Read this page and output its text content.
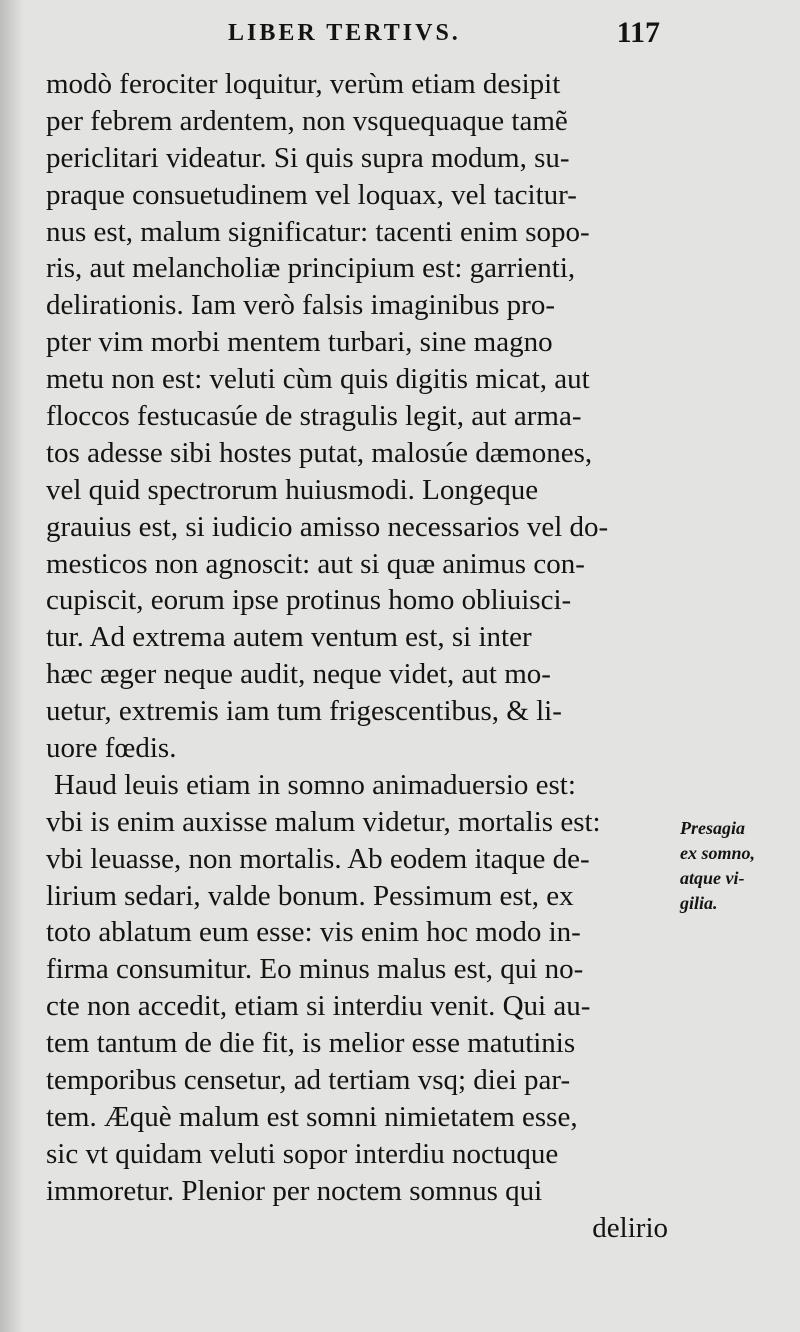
LIBER TERTIVS.	117
modò ferociter loquitur, verùm etiam desipit
per febrem ardentem, non vsquequaque tamẽ
periclitari videatur. Si quis supra modum, su-
praque consuetudinem vel loquax, vel tacitur-
nus est, malum significatur: tacenti enim sopo-
ris, aut melancholiæ principium est: garrienti,
delirationis. Iam verò falsis imaginibus pro-
pter vim morbi mentem turbari, sine magno
metu non est: veluti cùm quis digitis micat, aut
floccos festucasúe de stragulis legit, aut arma-
tos adesse sibi hostes putat, malosúe dæmones,
vel quid spectrorum huiusmodi. Longeque
grauius est, si iudicio amisso necessarios vel do-
mesticos non agnoscit: aut si quæ animus con-
cupiscit, eorum ipse protinus homo obliuisci-
tur. Ad extrema autem ventum est, si inter
hæc æger neque audit, neque videt, aut mo-
uetur, extremis iam tum frigescentibus, & li-
uore fœdis.
Haud leuis etiam in somno animaduersio est:
vbi is enim auxisse malum videtur, mortalis est:
vbi leuasse, non mortalis. Ab eodem itaque de-
lirium sedari, valde bonum. Pessimum est, ex
toto ablatum eum esse: vis enim hoc modo in-
firma consumitur. Eo minus malus est, qui no-
cte non accedit, etiam si interdiu venit. Qui au-
tem tantum de die fit, is melior esse matutinis
temporibus censetur, ad tertiam vsq; diei par-
tem. Æquè malum est somni nimietatem esse,
sic vt quidam veluti sopor interdiu noctuque
immoretur. Plenior per noctem somnus qui
delirio
Presagia
ex somno,
atque vi-
gilia.
